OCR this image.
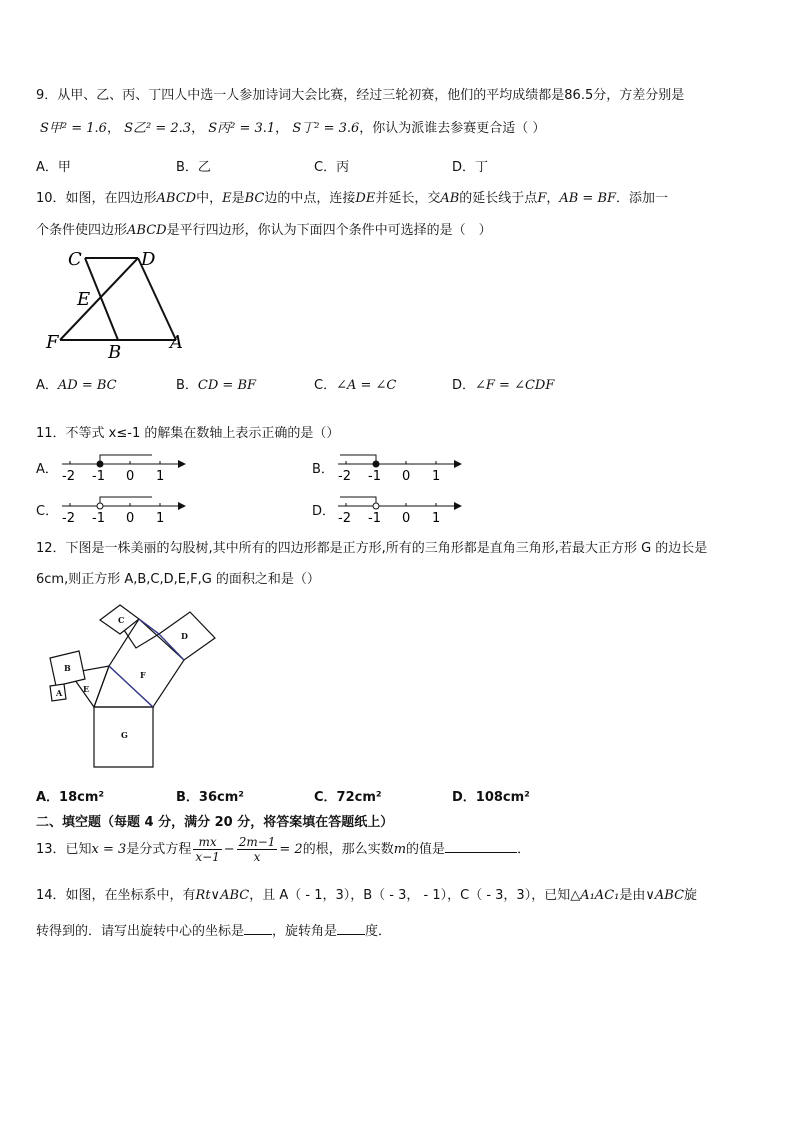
9．从甲、乙、丙、丁四人中选一人参加诗词大会比赛，经过三轮初赛，他们的平均成绩都是86.5分，方差分别是
S甲² = 1.6， S乙² = 2.3， S丙² = 3.1， S丁² = 3.6，你认为派谁去参赛更合适（ ）
A．甲	B．乙	C．丙	D．丁
10．如图，在四边形ABCD中，E是BC边的中点，连接DE并延长，交AB的延长线于点F，AB = BF．添加一
个条件使四边形ABCD是平行四边形，你认为下面四个条件中可选择的是（　）
C	D
E
F	B	A
A．AD = BC	B．CD = BF	C．∠A = ∠C	D．∠F = ∠CDF
11．不等式 x≤-1 的解集在数轴上表示正确的是（）
A． -2 -1 0 1	B． -2 -1 0 1
C． -2 -1 0 1	D． -2 -1 0 1
12．下图是一株美丽的勾股树,其中所有的四边形都是正方形,所有的三角形都是直角三角形,若最大正方形 G 的边长是
6cm,则正方形 A,B,C,D,E,F,G 的面积之和是（）
G
F
E
B
A
C
D
A．18cm²	B．36cm²	C．72cm²	D．108cm²
二、填空题（每题 4 分，满分 20 分，将答案填在答题纸上）
13．已知x = 3是分式方程 $\frac{mx}{x-1} - \frac{2m-1}{x} = 2$的根，那么实数m的值是	．
14．如图，在坐标系中，有Rt∨ABC，且 A（ - 1，3），B（ - 3， - 1），C（ - 3，3），已知△A₁AC₁是由∨ABC旋
转得到的．请写出旋转中心的坐标是 ，旋转角是 度．
